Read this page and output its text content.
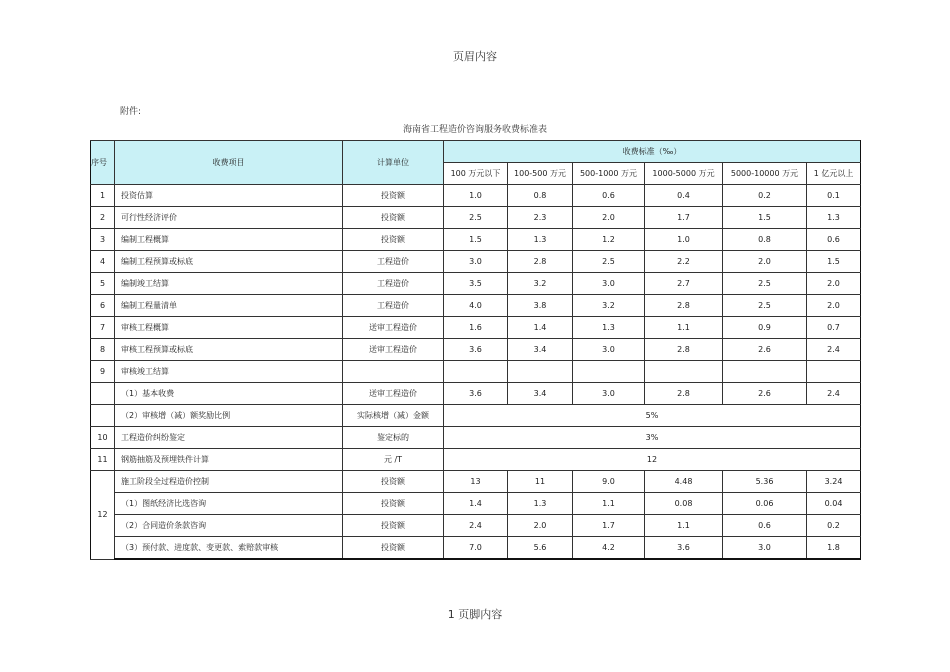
页眉内容
附件:
海南省工程造价咨询服务收费标准表
序号	收费项目	计算单位	收费标准（‰）					
			100 万元以下	100-500 万元	500-1000 万元	1000-5000 万元	5000-10000 万元	1 亿元以上
1	投资估算	投资额	1.0	0.8	0.6	0.4	0.2	0.1
2	可行性经济评价	投资额	2.5	2.3	2.0	1.7	1.5	1.3
3	编制工程概算	投资额	1.5	1.3	1.2	1.0	0.8	0.6
4	编制工程预算或标底	工程造价	3.0	2.8	2.5	2.2	2.0	1.5
5	编制竣工结算	工程造价	3.5	3.2	3.0	2.7	2.5	2.0
6	编制工程量清单	工程造价	4.0	3.8	3.2	2.8	2.5	2.0
7	审核工程概算	送审工程造价	1.6	1.4	1.3	1.1	0.9	0.7
8	审核工程预算或标底	送审工程造价	3.6	3.4	3.0	2.8	2.6	2.4
9	审核竣工结算							
	（1）基本收费	送审工程造价	3.6	3.4	3.0	2.8	2.6	2.4
	（2）审核增（减）额奖励比例	实际核增（减）金额	5%					
10	工程造价纠纷鉴定	鉴定标的	3%					
11	钢筋抽筋及预埋铁件计算	元 /T	12					
12	施工阶段全过程造价控制	投资额	13	11	9.0	4.48	5.36	3.24
	（1）图纸经济比选咨询	投资额	1.4	1.3	1.1	0.08	0.06	0.04
	（2）合同造价条款咨询	投资额	2.4	2.0	1.7	1.1	0.6	0.2
	（3）预付款、进度款、变更款、索赔款审核	投资额	7.0	5.6	4.2	3.6	3.0	1.8
1 页脚内容
